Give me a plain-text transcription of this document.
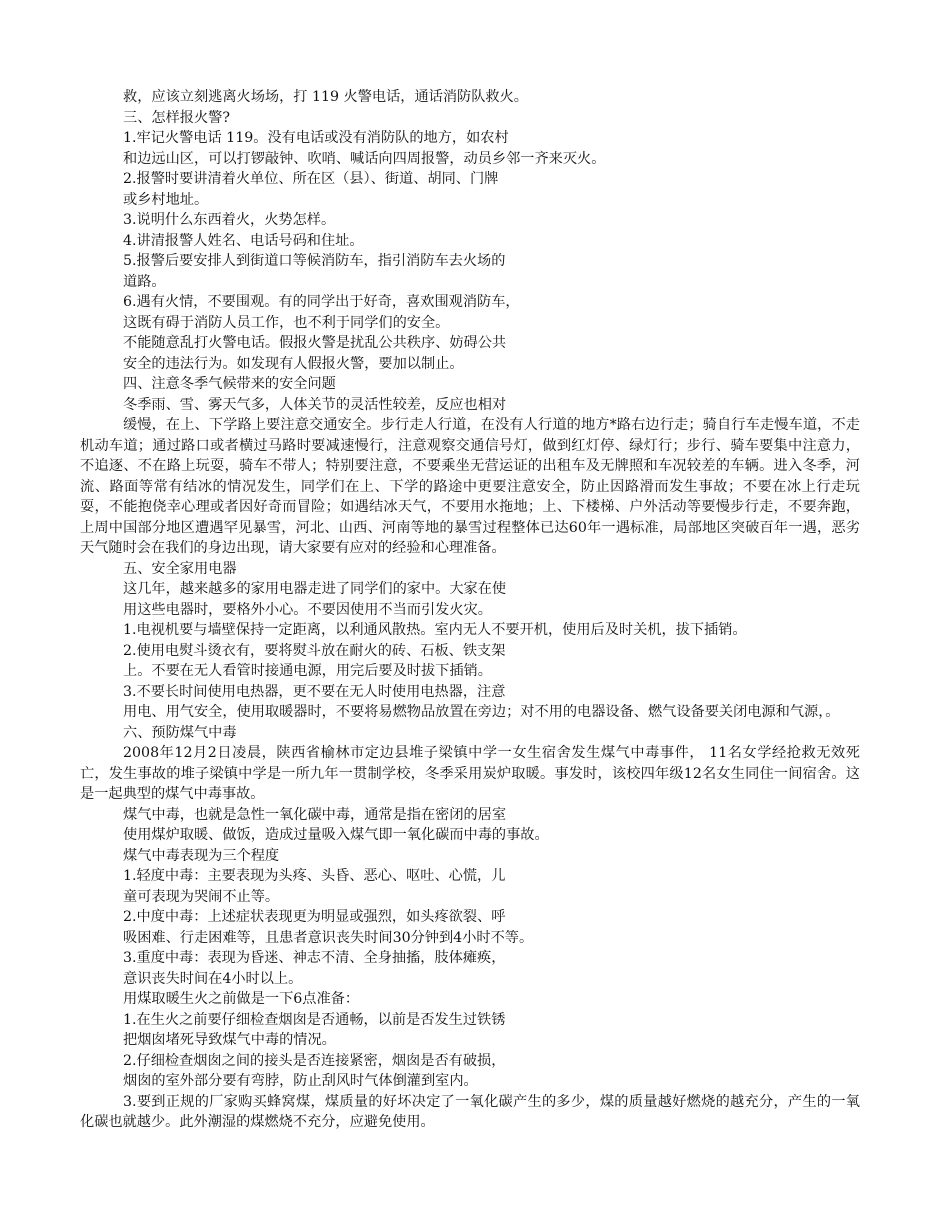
救，应该立刻逃离火场场，打 119 火警电话，通话消防队救火。
三、怎样报火警?
1.牢记火警电话 119。没有电话或没有消防队的地方，如农村
和边远山区，可以打锣敲钟、吹哨、喊话向四周报警，动员乡邻一齐来灭火。
2.报警时要讲清着火单位、所在区（县）、街道、胡同、门牌
或乡村地址。
3.说明什么东西着火，火势怎样。
4.讲清报警人姓名、电话号码和住址。
5.报警后要安排人到街道口等候消防车，指引消防车去火场的
道路。
6.遇有火情，不要围观。有的同学出于好奇，喜欢围观消防车，
这既有碍于消防人员工作，也不利于同学们的安全。
不能随意乱打火警电话。假报火警是扰乱公共秩序、妨碍公共
安全的违法行为。如发现有人假报火警，要加以制止。
四、注意冬季气候带来的安全问题
冬季雨、雪、雾天气多，人体关节的灵活性较差，反应也相对
缓慢，在上、下学路上要注意交通安全。步行走人行道，在没有人行道的地方*路右边行走；骑自行车走慢车道，不走机动车道；通过路口或者横过马路时要减速慢行，注意观察交通信号灯，做到红灯停、绿灯行；步行、骑车要集中注意力，不追逐、不在路上玩耍，骑车不带人；特别要注意，不要乘坐无营运证的出租车及无牌照和车况较差的车辆。进入冬季，河流、路面等常有结冰的情况发生，同学们在上、下学的路途中更要注意安全，防止因路滑而发生事故；不要在冰上行走玩耍，不能抱侥幸心理或者因好奇而冒险；如遇结冰天气，不要用水拖地；上、下楼梯、户外活动等要慢步行走，不要奔跑，上周中国部分地区遭遇罕见暴雪，河北、山西、河南等地的暴雪过程整体已达60年一遇标准，局部地区突破百年一遇，恶劣天气随时会在我们的身边出现，请大家要有应对的经验和心理准备。
五、安全家用电器
这几年，越来越多的家用电器走进了同学们的家中。大家在使
用这些电器时，要格外小心。不要因使用不当而引发火灾。
1.电视机要与墙壁保持一定距离，以利通风散热。室内无人不要开机，使用后及时关机，拔下插销。
2.使用电熨斗烫衣有，要将熨斗放在耐火的砖、石板、铁支架
上。不要在无人看管时接通电源，用完后要及时拔下插销。
3.不要长时间使用电热器，更不要在无人时使用电热器，注意
用电、用气安全，使用取暖器时，不要将易燃物品放置在旁边；对不用的电器设备、燃气设备要关闭电源和气源，。
六、预防煤气中毒
2008年12月2日凌晨，陕西省榆林市定边县堆子梁镇中学一女生宿舍发生煤气中毒事件， 11名女学经抢救无效死亡，发生事故的堆子梁镇中学是一所九年一贯制学校，冬季采用炭炉取暖。事发时，该校四年级12名女生同住一间宿舍。这是一起典型的煤气中毒事故。
煤气中毒，也就是急性一氧化碳中毒，通常是指在密闭的居室
使用煤炉取暖、做饭，造成过量吸入煤气即一氧化碳而中毒的事故。
煤气中毒表现为三个程度
1.轻度中毒：主要表现为头疼、头昏、恶心、呕吐、心慌，儿
童可表现为哭闹不止等。
2.中度中毒：上述症状表现更为明显或强烈，如头疼欲裂、呼
吸困难、行走困难等，且患者意识丧失时间30分钟到4小时不等。
3.重度中毒：表现为昏迷、神志不清、全身抽搐，肢体瘫痪，
意识丧失时间在4小时以上。
用煤取暖生火之前做是一下6点准备：
1.在生火之前要仔细检查烟囱是否通畅，以前是否发生过铁锈
把烟囱堵死导致煤气中毒的情况。
2.仔细检查烟囱之间的接头是否连接紧密，烟囱是否有破损，
烟囱的室外部分要有弯脖，防止刮风时气体倒灌到室内。
3.要到正规的厂家购买蜂窝煤，煤质量的好坏决定了一氧化碳产生的多少，煤的质量越好燃烧的越充分，产生的一氧化碳也就越少。此外潮湿的煤燃烧不充分，应避免使用。
